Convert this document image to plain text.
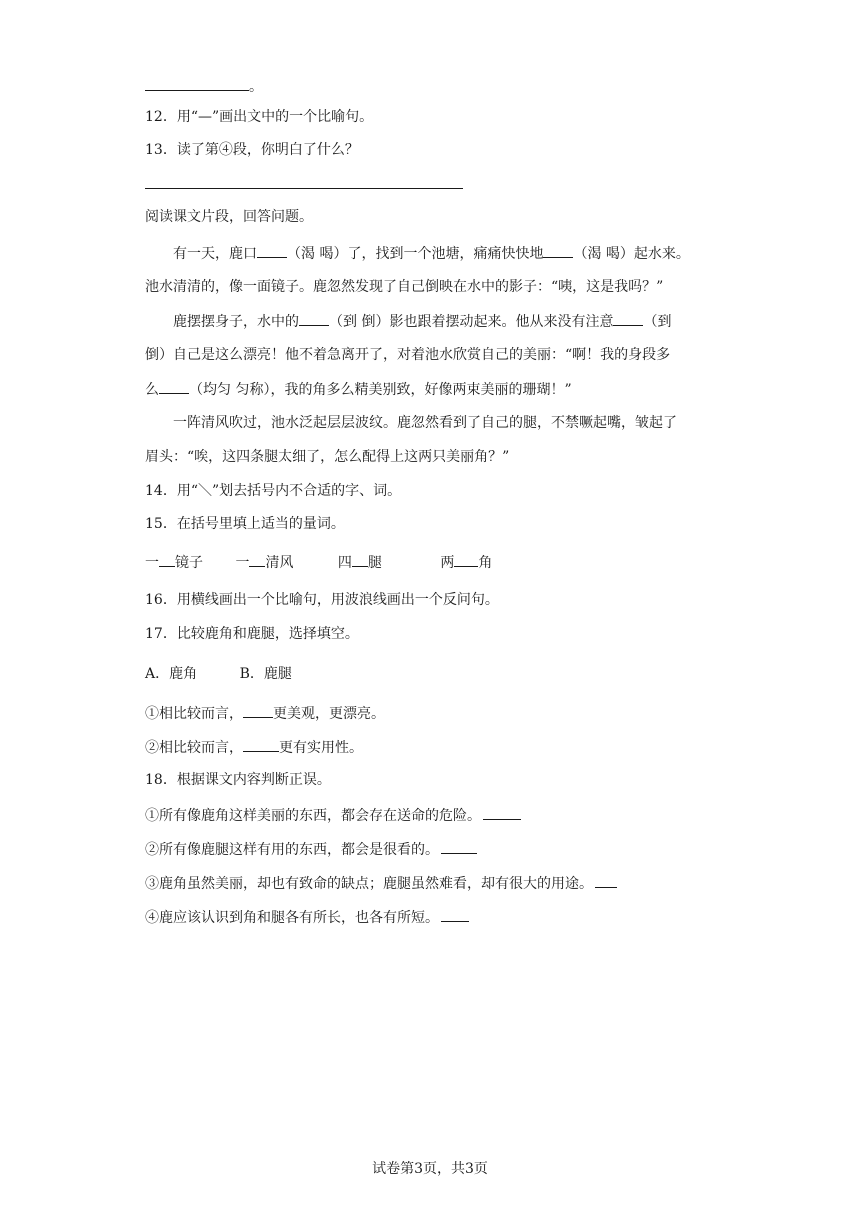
。
12．用“—”画出文中的一个比喻句。
13．读了第④段，你明白了什么？
阅读课文片段，回答问题。
有一天，鹿口 （渴 喝）了，找到一个池塘，痛痛快快地 （渴 喝）起水来。
池水清清的，像一面镜子。鹿忽然发现了自己倒映在水中的影子：“咦，这是我吗？”
鹿摆摆身子，水中的 （到 倒）影也跟着摆动起来。他从来没有注意 （到
倒）自己是这么漂亮！他不着急离开了，对着池水欣赏自己的美丽：“啊！我的身段多
么 （均匀 匀称），我的角多么精美别致，好像两束美丽的珊瑚！”
一阵清风吹过，池水泛起层层波纹。鹿忽然看到了自己的腿，不禁噘起嘴，皱起了
眉头：“唉，这四条腿太细了，怎么配得上这两只美丽角？”
14．用“＼”划去括号内不合适的字、词。
15．在括号里填上适当的量词。
一 镜子 一 清风	四 腿	两 角
16．用横线画出一个比喻句，用波浪线画出一个反问句。
17．比较鹿角和鹿腿，选择填空。
A．鹿角	B．鹿腿
①相比较而言， 更美观，更漂亮。
②相比较而言，	更有实用性。
18．根据课文内容判断正误。
①所有像鹿角这样美丽的东西，都会存在送命的危险。
②所有像鹿腿这样有用的东西，都会是很看的。
③鹿角虽然美丽，却也有致命的缺点；鹿腿虽然难看，却有很大的用途。
④鹿应该认识到角和腿各有所长，也各有所短。
试卷第3页，共3页
